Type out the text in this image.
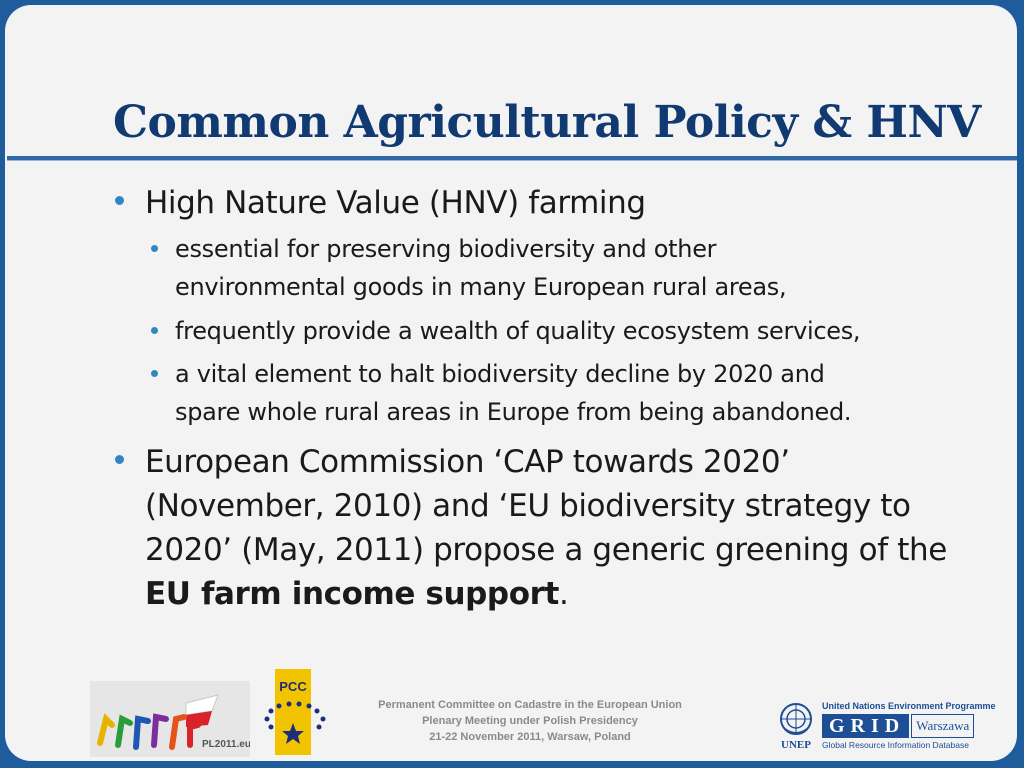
Common Agricultural Policy & HNV
High Nature Value (HNV) farming
essential for preserving biodiversity and other
environmental goods in many European rural areas,
frequently provide a wealth of quality ecosystem services,
a vital element to halt biodiversity decline by 2020 and
spare whole rural areas in Europe from being abandoned.
European Commission ‘CAP towards 2020’
(November, 2010) and ‘EU biodiversity strategy to
2020’ (May, 2011) propose a generic greening of the
EU farm income support.
PL2011.eu
PCC
Permanent Committee on Cadastre in the European Union
Plenary Meeting under Polish Presidency
21-22 November 2011, Warsaw, Poland
UNEP
United Nations Environment Programme
GRID Warszawa
Global Resource Information Database
